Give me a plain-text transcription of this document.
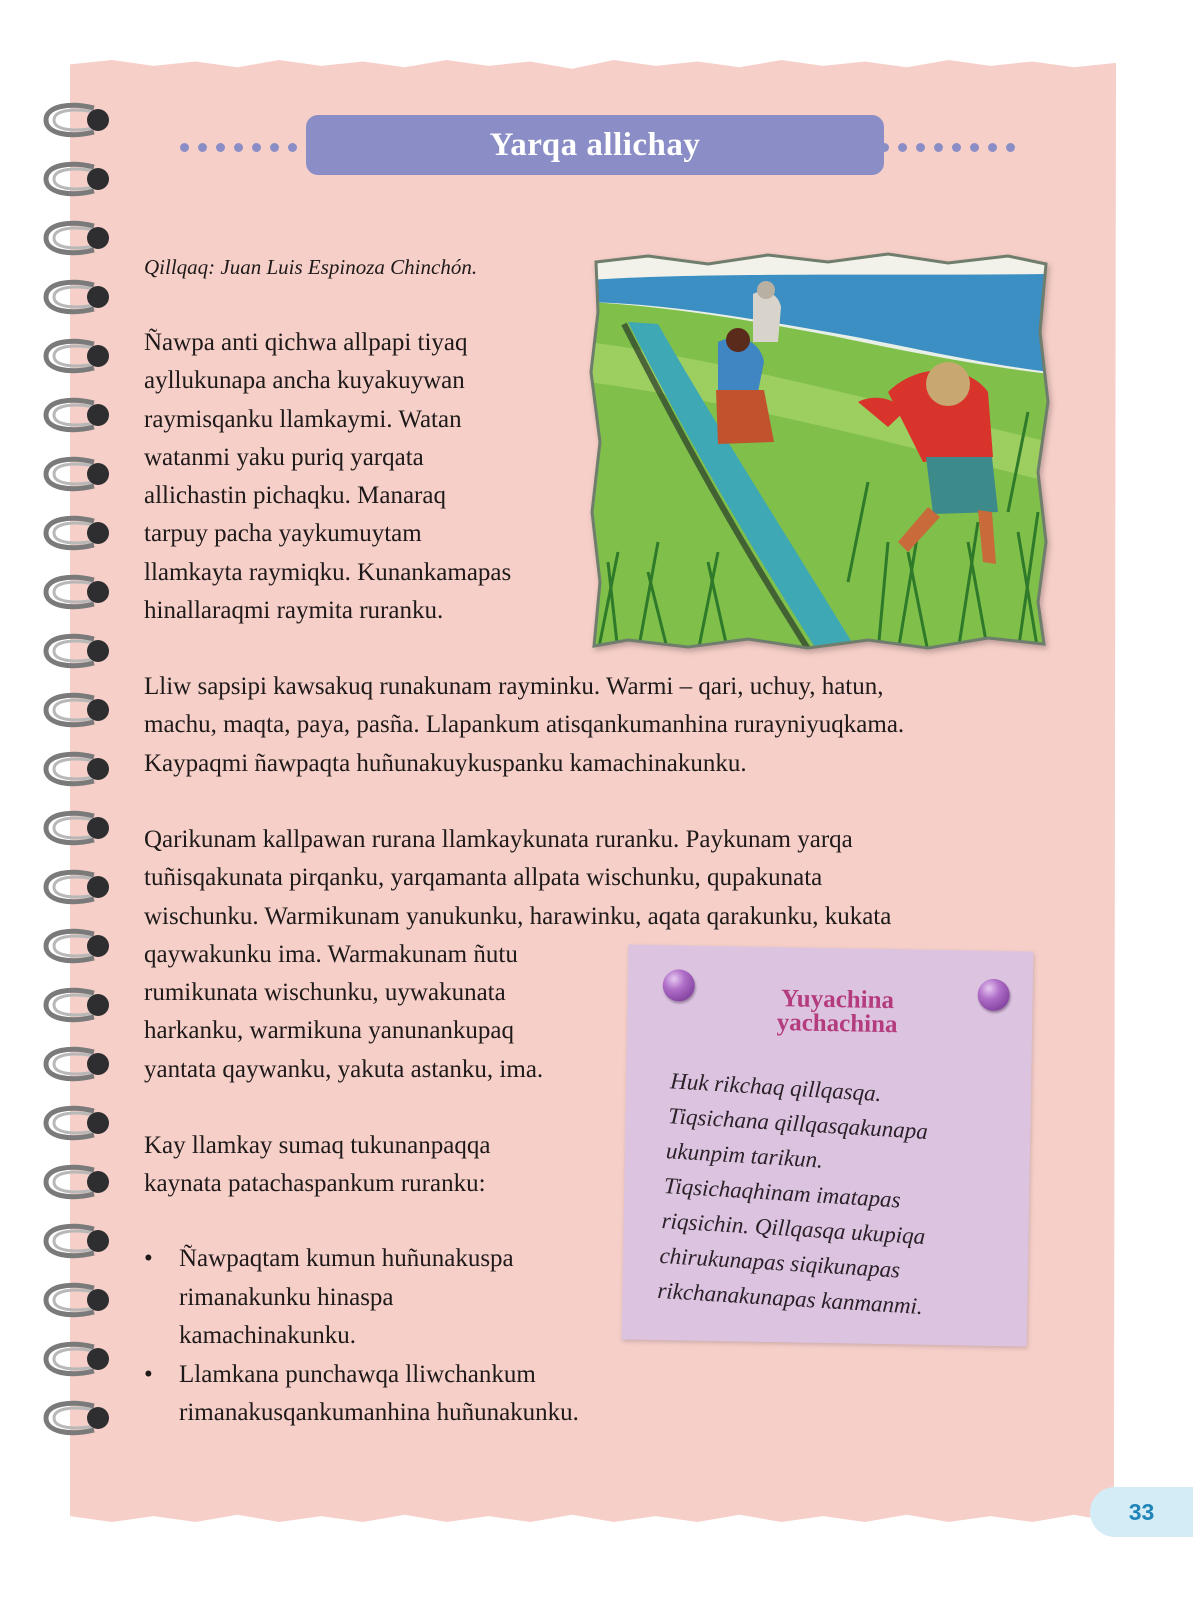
Yarqa allichay
Qillqaq: Juan Luis Espinoza Chinchón.

Ñawpa anti qichwa allpapi tiyaq
ayllukunapa ancha kuyakuywan
raymisqanku llamkaymi. Watan
watanmi yaku puriq yarqata
allichastin pichaqku. Manaraq
tarpuy pacha yaykumuytam
llamkayta raymiqku. Kunankamapas
hinallaraqmi raymita ruranku.

Lliw sapsipi kawsakuq runakunam rayminku. Warmi – qari, uchuy, hatun,
machu, maqta, paya, pasña. Llapankum atisqankumanhina rurayniyuqkama.
Kaypaqmi ñawpaqta huñunakuykuspanku kamachinakunku.

Qarikunam kallpawan rurana llamkaykunata ruranku. Paykunam yarqa
tuñisqakunata pirqanku, yarqamanta allpata wischunku, qupakunata
wischunku. Warmikunam yanukunku, harawinku, aqata qarakunku, kukata
qaywakunku ima. Warmakunam ñutu
rumikunata wischunku, uywakunata
harkanku, warmikuna yanunankupaq
yantata qaywanku, yakuta astanku, ima.

Yuyachina
yachachina
Huk rikchaq qillqasqa.
Tiqsichana qillqasqakunapa
ukunpim tarikun.
Tiqsichaqhinam imatapas
riqsichin. Qillqasqa ukupiqa
chirukunapas siqikunapas
rikchanakunapas kanmanmi.

Kay llamkay sumaq tukunanpaqqa
kaynata patachaspankum ruranku:

• Ñawpaqtam kumun huñunakuspa
rimanakunku hinaspa
kamachinakunku.
• Llamkana punchawqa lliwchankum
rimanakusqankumanhina huñunakunku.
33
